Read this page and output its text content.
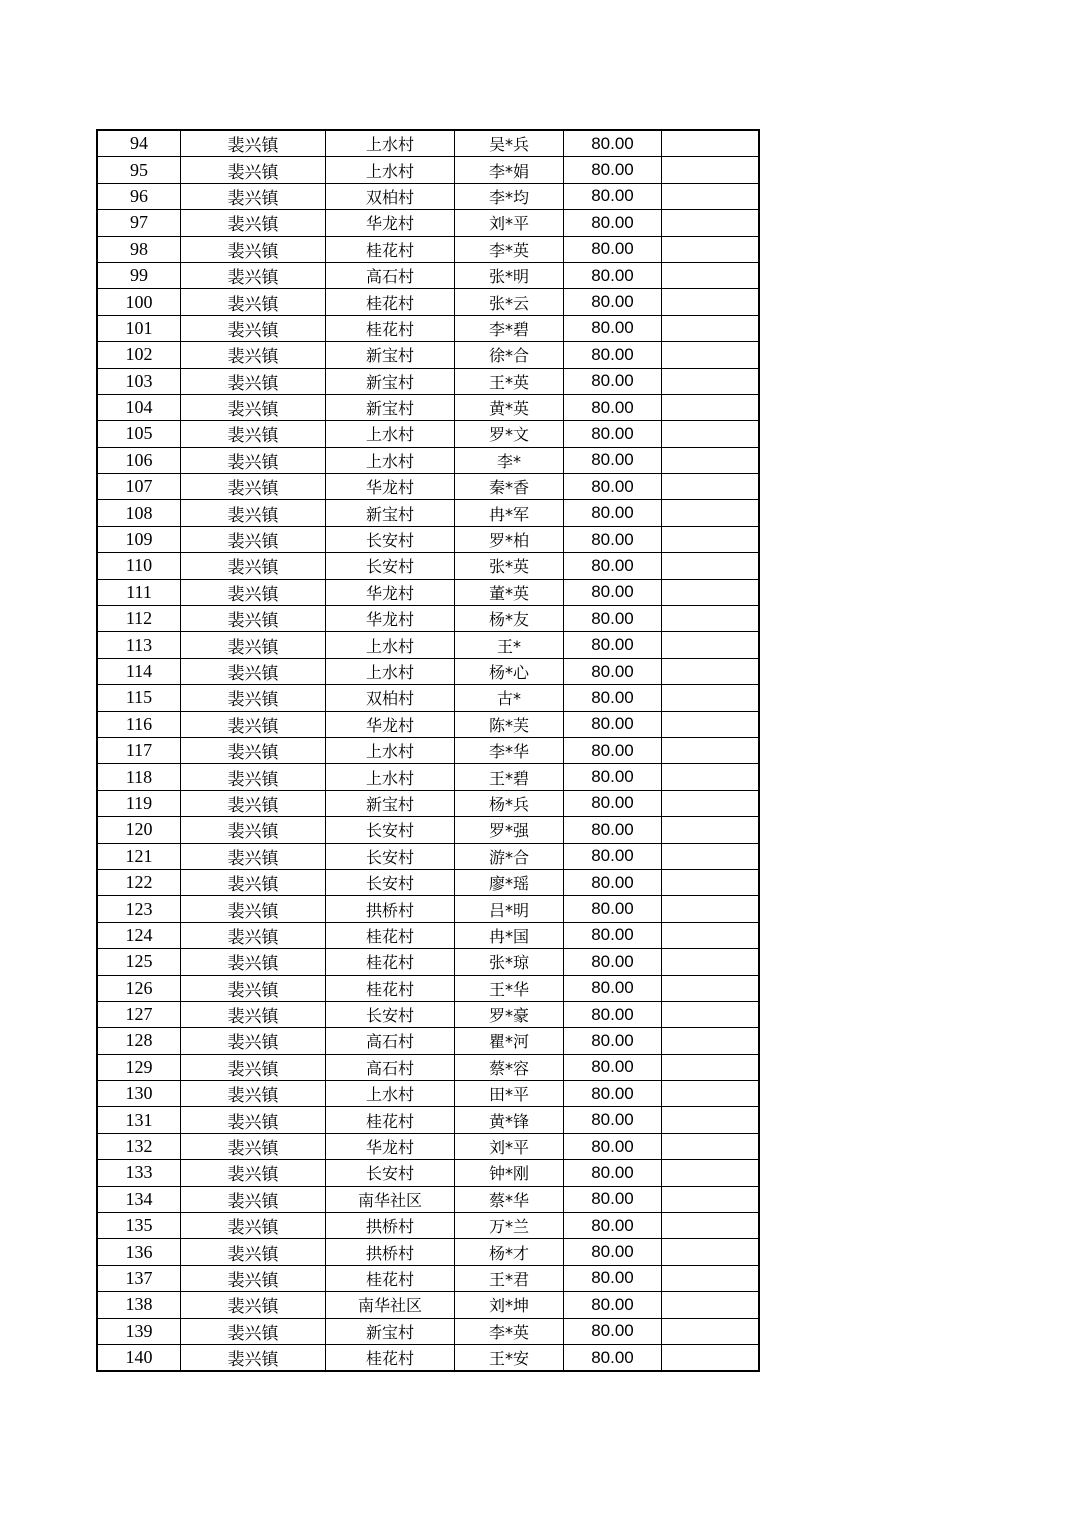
94	裴兴镇	上水村	吴*兵	80.00	
95	裴兴镇	上水村	李*娟	80.00	
96	裴兴镇	双柏村	李*均	80.00	
97	裴兴镇	华龙村	刘*平	80.00	
98	裴兴镇	桂花村	李*英	80.00	
99	裴兴镇	高石村	张*明	80.00	
100	裴兴镇	桂花村	张*云	80.00	
101	裴兴镇	桂花村	李*碧	80.00	
102	裴兴镇	新宝村	徐*合	80.00	
103	裴兴镇	新宝村	王*英	80.00	
104	裴兴镇	新宝村	黄*英	80.00	
105	裴兴镇	上水村	罗*文	80.00	
106	裴兴镇	上水村	李*	80.00	
107	裴兴镇	华龙村	秦*香	80.00	
108	裴兴镇	新宝村	冉*军	80.00	
109	裴兴镇	长安村	罗*柏	80.00	
110	裴兴镇	长安村	张*英	80.00	
111	裴兴镇	华龙村	董*英	80.00	
112	裴兴镇	华龙村	杨*友	80.00	
113	裴兴镇	上水村	王*	80.00	
114	裴兴镇	上水村	杨*心	80.00	
115	裴兴镇	双柏村	古*	80.00	
116	裴兴镇	华龙村	陈*芙	80.00	
117	裴兴镇	上水村	李*华	80.00	
118	裴兴镇	上水村	王*碧	80.00	
119	裴兴镇	新宝村	杨*兵	80.00	
120	裴兴镇	长安村	罗*强	80.00	
121	裴兴镇	长安村	游*合	80.00	
122	裴兴镇	长安村	廖*瑶	80.00	
123	裴兴镇	拱桥村	吕*明	80.00	
124	裴兴镇	桂花村	冉*国	80.00	
125	裴兴镇	桂花村	张*琼	80.00	
126	裴兴镇	桂花村	王*华	80.00	
127	裴兴镇	长安村	罗*豪	80.00	
128	裴兴镇	高石村	瞿*河	80.00	
129	裴兴镇	高石村	蔡*容	80.00	
130	裴兴镇	上水村	田*平	80.00	
131	裴兴镇	桂花村	黄*锋	80.00	
132	裴兴镇	华龙村	刘*平	80.00	
133	裴兴镇	长安村	钟*刚	80.00	
134	裴兴镇	南华社区	蔡*华	80.00	
135	裴兴镇	拱桥村	万*兰	80.00	
136	裴兴镇	拱桥村	杨*才	80.00	
137	裴兴镇	桂花村	王*君	80.00	
138	裴兴镇	南华社区	刘*坤	80.00	
139	裴兴镇	新宝村	李*英	80.00	
140	裴兴镇	桂花村	王*安	80.00	
